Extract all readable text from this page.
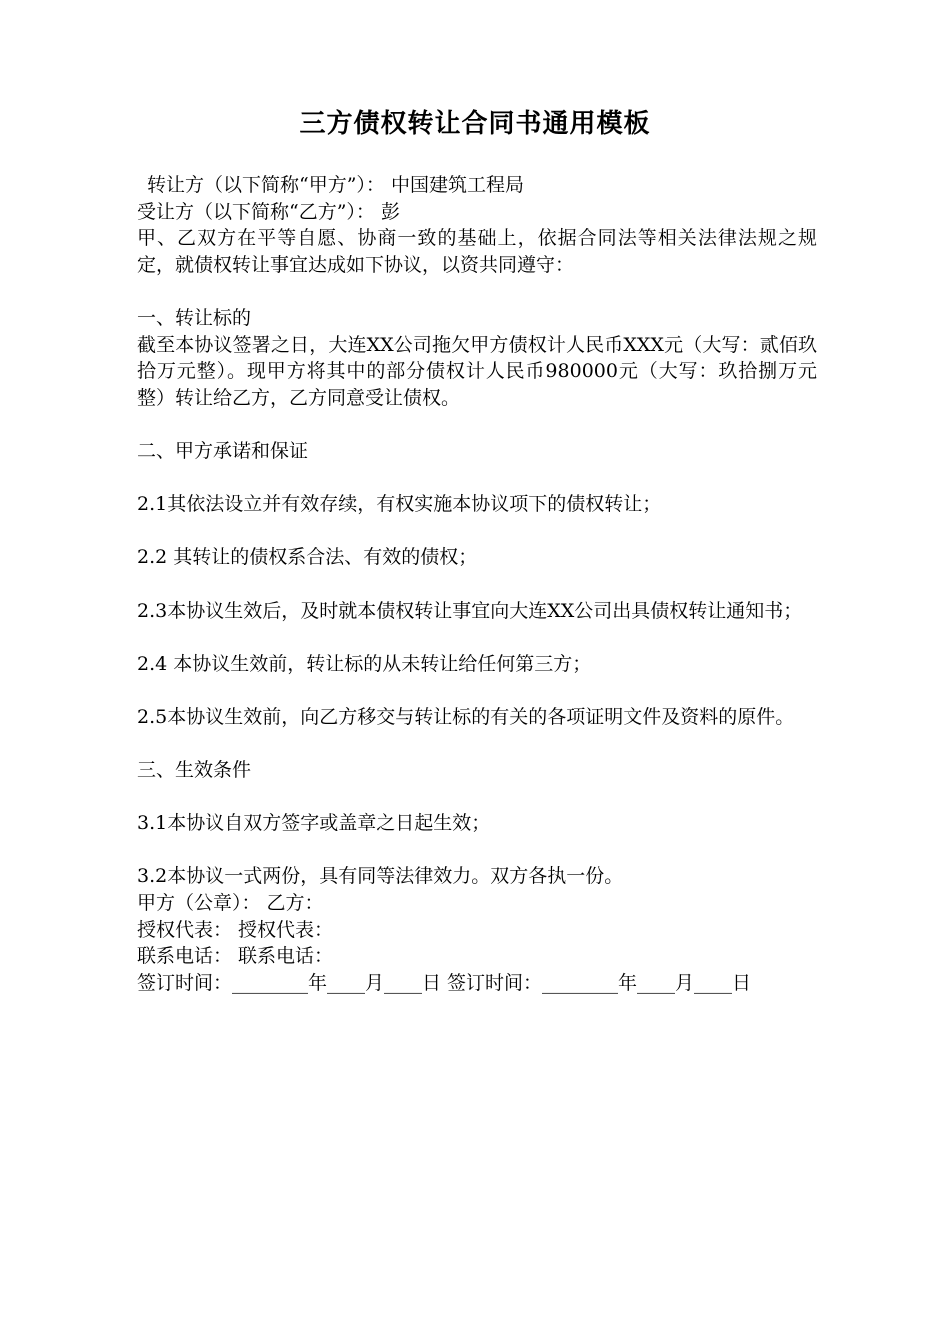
三方债权转让合同书通用模板

转让方（以下简称“甲方”）： 中国建筑工程局

受让方（以下简称“乙方”）： 彭

甲、乙双方在平等自愿、协商一致的基础上，依据合同法等相关法律法规之规定，就债权转让事宜达成如下协议，以资共同遵守：

一、转让标的

截至本协议签署之日，大连XX公司拖欠甲方债权计人民币XXX元（大写：贰佰玖拾万元整）。现甲方将其中的部分债权计人民币980000元（大写：玖拾捌万元整）转让给乙方，乙方同意受让债权。

二、甲方承诺和保证

2.1其依法设立并有效存续，有权实施本协议项下的债权转让；

2.2 其转让的债权系合法、有效的债权；

2.3本协议生效后，及时就本债权转让事宜向大连XX公司出具债权转让通知书；

2.4 本协议生效前，转让标的从未转让给任何第三方；

2.5本协议生效前，向乙方移交与转让标的有关的各项证明文件及资料的原件。

三、生效条件

3.1本协议自双方签字或盖章之日起生效；

3.2本协议一式两份，具有同等法律效力。双方各执一份。

甲方（公章）： 乙方：

授权代表： 授权代表：

联系电话： 联系电话：

签订时间：________年____月____日 签订时间：________年____月____日
